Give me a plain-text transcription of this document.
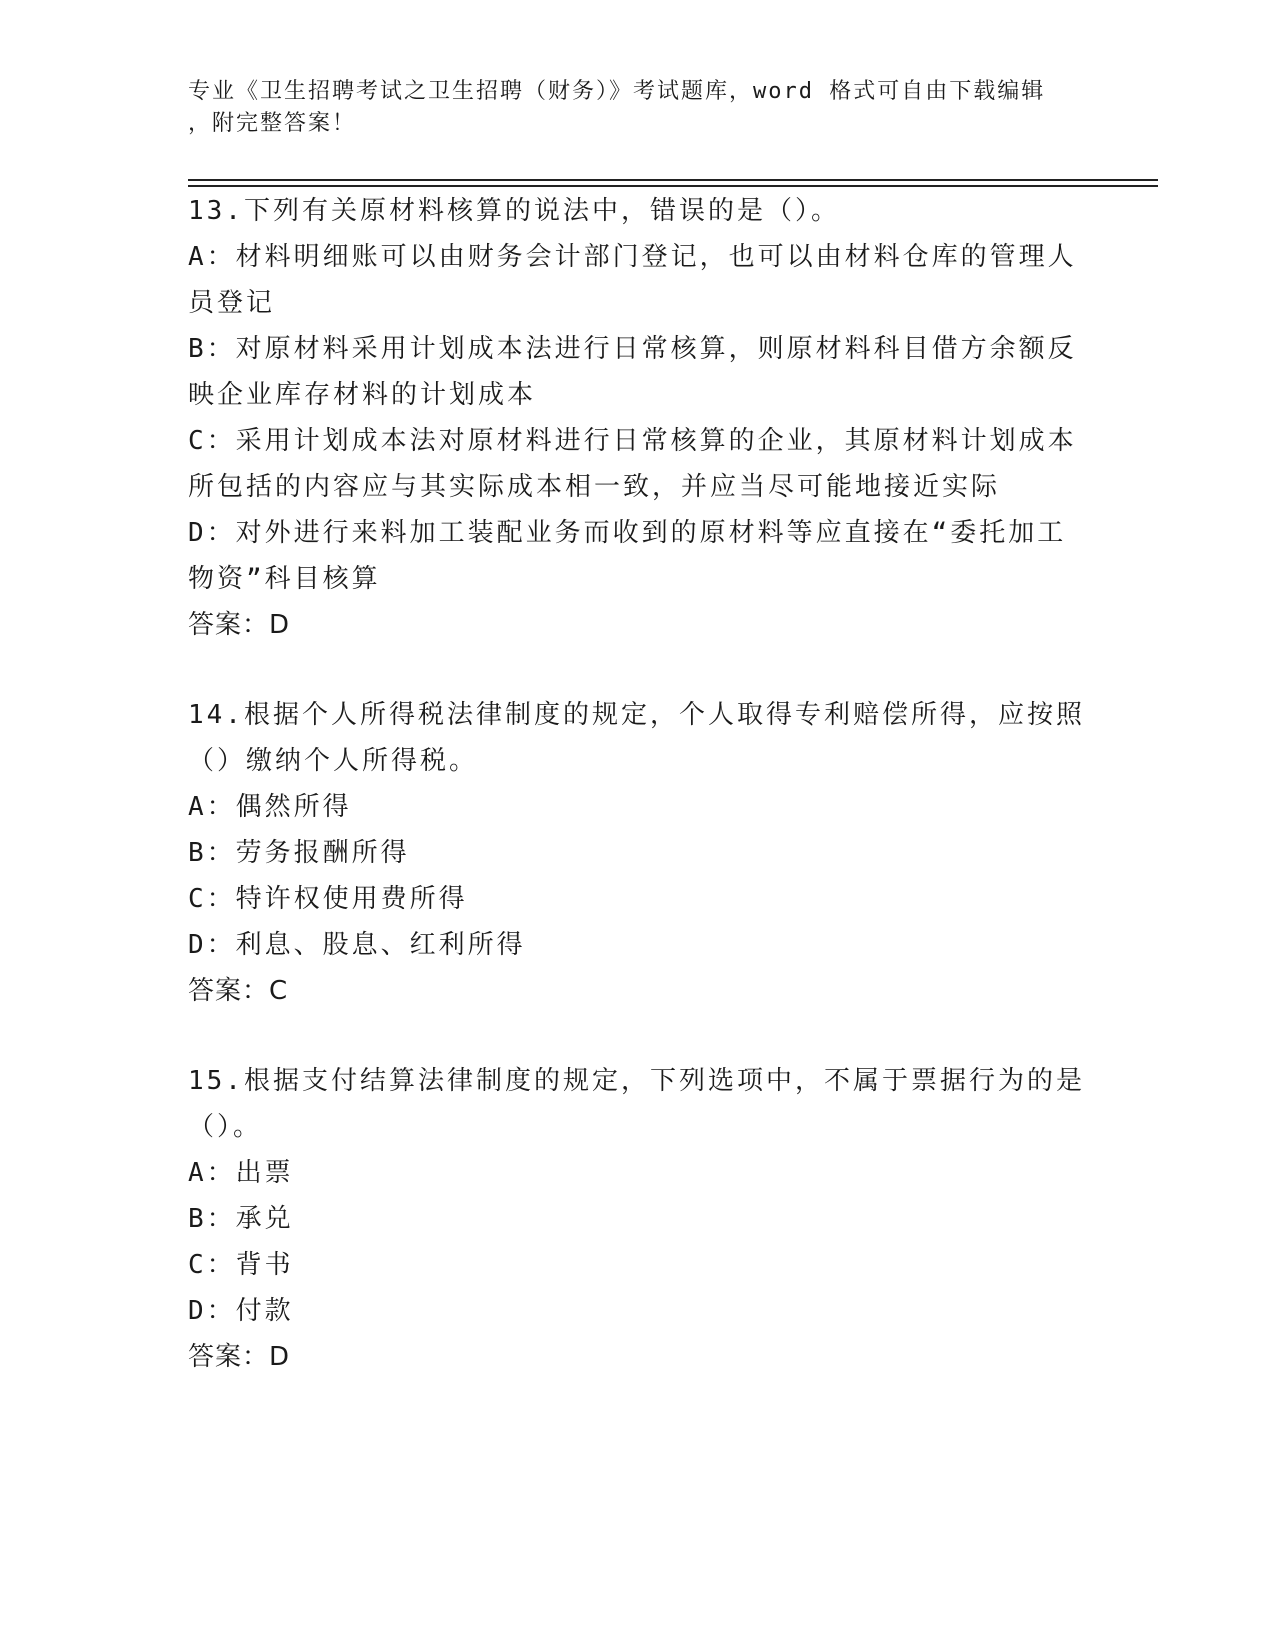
专业《卫生招聘考试之卫生招聘（财务）》考试题库，word 格式可自由下载编辑
，附完整答案！
13.下列有关原材料核算的说法中，错误的是（）。
A：材料明细账可以由财务会计部门登记，也可以由材料仓库的管理人员登记
B：对原材料采用计划成本法进行日常核算，则原材料科目借方余额反映企业库存材料的计划成本
C：采用计划成本法对原材料进行日常核算的企业，其原材料计划成本所包括的内容应与其实际成本相一致，并应当尽可能地接近实际
D：对外进行来料加工装配业务而收到的原材料等应直接在“委托加工物资”科目核算
答案：D
14.根据个人所得税法律制度的规定，个人取得专利赔偿所得，应按照（）缴纳个人所得税。
A：偶然所得
B：劳务报酬所得
C：特许权使用费所得
D：利息、股息、红利所得
答案：C
15.根据支付结算法律制度的规定，下列选项中，不属于票据行为的是（）。
A：出票
B：承兑
C：背书
D：付款
答案：D
